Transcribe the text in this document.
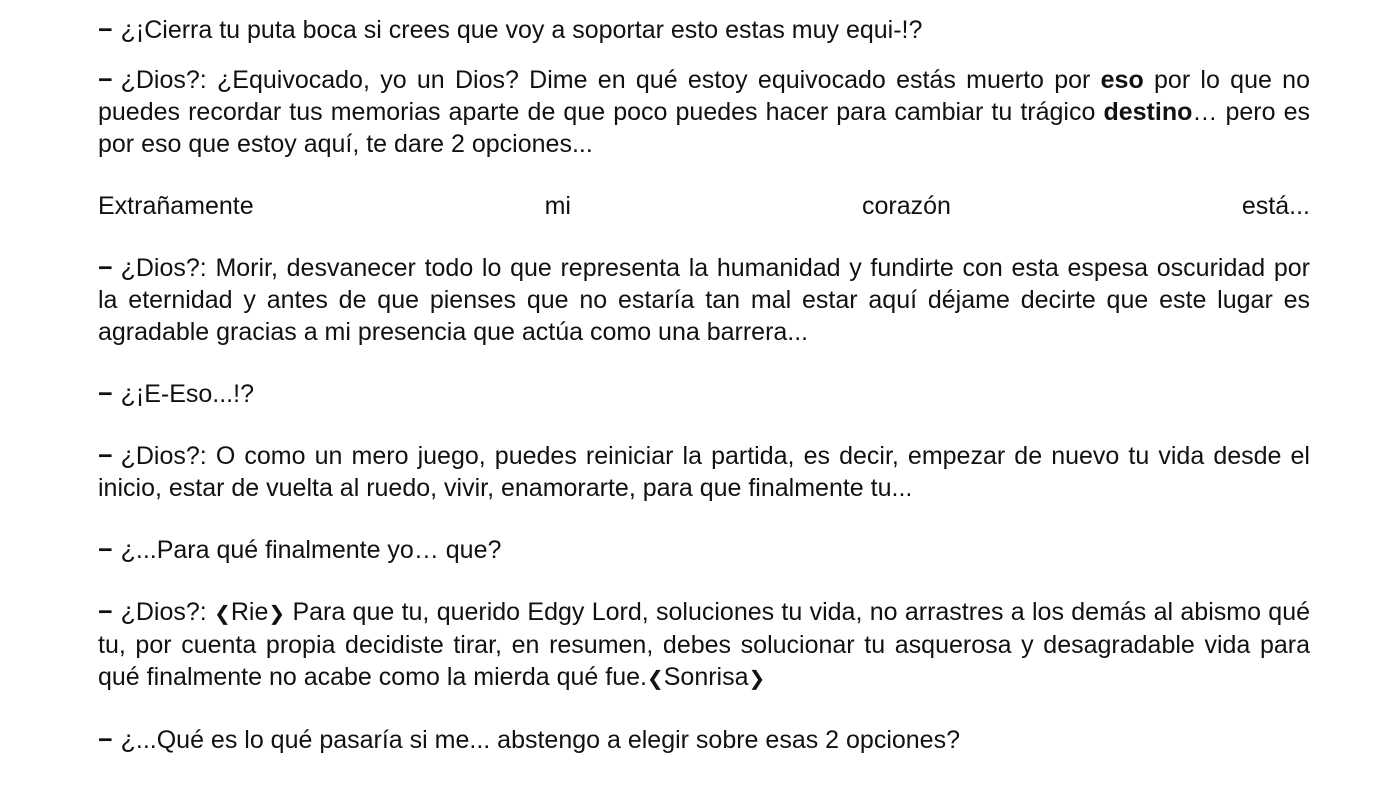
− ¿¡Cierra tu puta boca si crees que voy a soportar esto estas muy equi-!?

− ¿Dios?: ¿Equivocado, yo un Dios? Dime en qué estoy equivocado estás muerto por eso por lo que no puedes recordar tus memorias aparte de que poco puedes hacer para cambiar tu trágico destino… pero es por eso que estoy aquí, te dare 2 opciones...

Extrañamente	mi	corazón	está...

− ¿Dios?: Morir, desvanecer todo lo que representa la humanidad y fundirte con esta espesa oscuridad por la eternidad y antes de que pienses que no estaría tan mal estar aquí déjame decirte que este lugar es agradable gracias a mi presencia que actúa como una barrera...

− ¿¡E-Eso...!?

− ¿Dios?: O como un mero juego, puedes reiniciar la partida, es decir, empezar de nuevo tu vida desde el inicio, estar de vuelta al ruedo, vivir, enamorarte, para que finalmente tu...

− ¿...Para qué finalmente yo… que?

− ¿Dios?: ❮Rie❯ Para que tu, querido Edgy Lord, soluciones tu vida, no arrastres a los demás al abismo qué tu, por cuenta propia decidiste tirar, en resumen, debes solucionar tu asquerosa y desagradable vida para qué finalmente no acabe como la mierda qué fue.❮Sonrisa❯

− ¿...Qué es lo qué pasaría si me... abstengo a elegir sobre esas 2 opciones?
